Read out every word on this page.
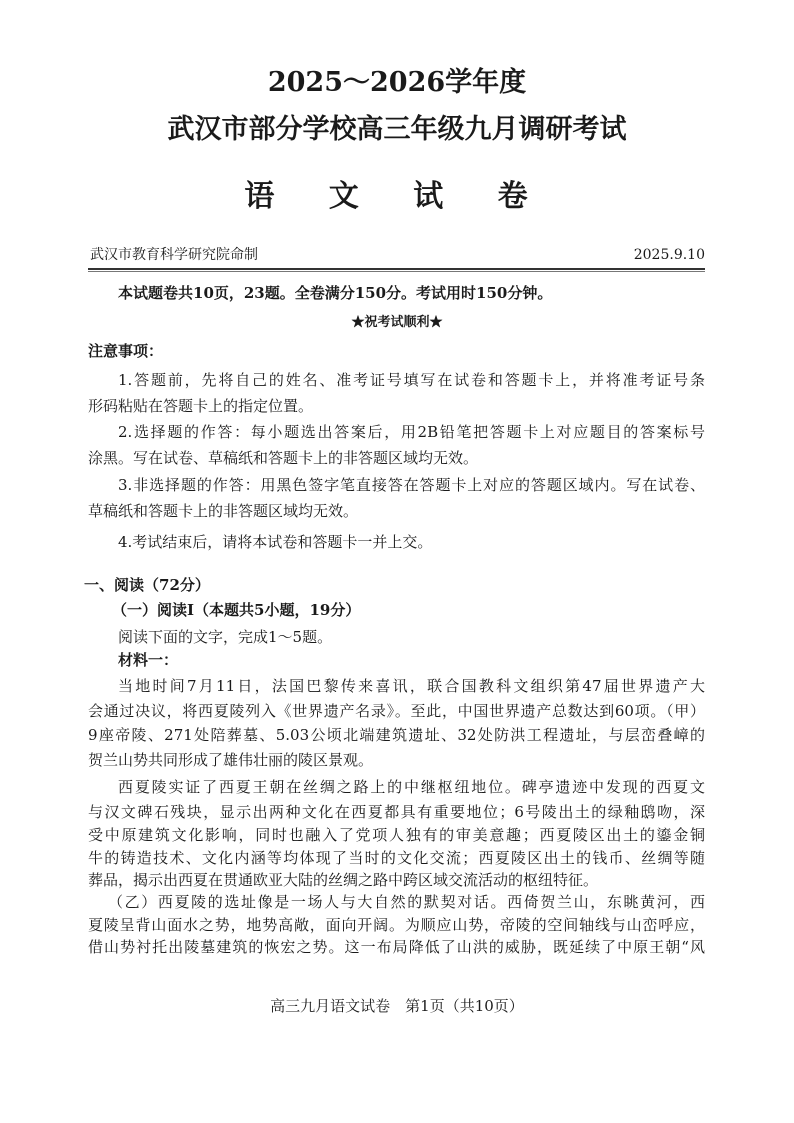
2025～2026学年度
武汉市部分学校高三年级九月调研考试
语 文 试 卷
武汉市教育科学研究院命制	2025.9.10
本试题卷共10页，23题。全卷满分150分。考试用时150分钟。
★祝考试顺利★
注意事项：
1.答题前，先将自己的姓名、准考证号填写在试卷和答题卡上，并将准考证号条
形码粘贴在答题卡上的指定位置。
2.选择题的作答：每小题选出答案后，用2B铅笔把答题卡上对应题目的答案标号
涂黑。写在试卷、草稿纸和答题卡上的非答题区域均无效。
3.非选择题的作答：用黑色签字笔直接答在答题卡上对应的答题区域内。写在试卷、
草稿纸和答题卡上的非答题区域均无效。
4.考试结束后，请将本试卷和答题卡一并上交。
一、阅读（72分）
（一）阅读Ⅰ（本题共5小题，19分）
阅读下面的文字，完成1～5题。
材料一：
当地时间7月11日，法国巴黎传来喜讯，联合国教科文组织第47届世界遗产大
会通过决议，将西夏陵列入《世界遗产名录》。至此，中国世界遗产总数达到60项。（甲）
9座帝陵、271处陪葬墓、5.03公顷北端建筑遗址、32处防洪工程遗址，与层峦叠嶂的
贺兰山势共同形成了雄伟壮丽的陵区景观。
西夏陵实证了西夏王朝在丝绸之路上的中继枢纽地位。碑亭遗迹中发现的西夏文
与汉文碑石残块，显示出两种文化在西夏都具有重要地位；6号陵出土的绿釉鸱吻，深
受中原建筑文化影响，同时也融入了党项人独有的审美意趣；西夏陵区出土的鎏金铜
牛的铸造技术、文化内涵等均体现了当时的文化交流；西夏陵区出土的钱币、丝绸等随
葬品，揭示出西夏在贯通欧亚大陆的丝绸之路中跨区域交流活动的枢纽特征。
（乙）西夏陵的选址像是一场人与大自然的默契对话。西倚贺兰山，东眺黄河，西
夏陵呈背山面水之势，地势高敞，面向开阔。为顺应山势，帝陵的空间轴线与山峦呼应，
借山势衬托出陵墓建筑的恢宏之势。这一布局降低了山洪的威胁，既延续了中原王朝“风
高三九月语文试卷　第1页（共10页）
